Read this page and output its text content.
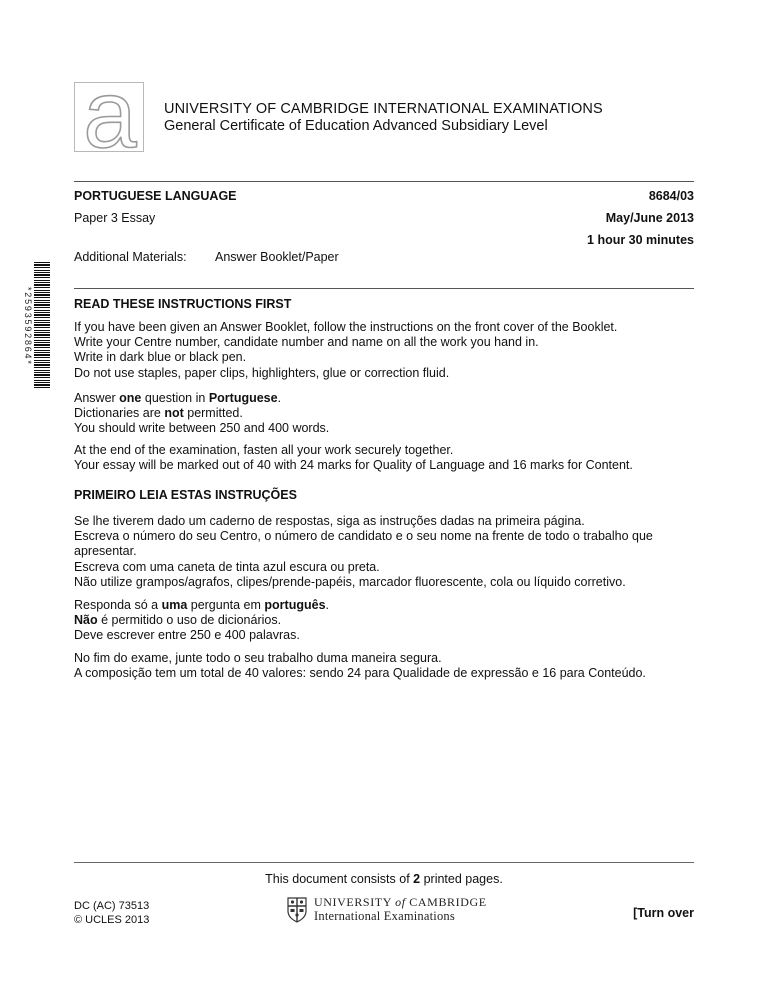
a	UNIVERSITY OF CAMBRIDGE INTERNATIONAL EXAMINATIONS
General Certificate of Education Advanced Subsidiary Level
PORTUGUESE LANGUAGE	8684/03
Paper 3 Essay	May/June 2013
1 hour 30 minutes
Additional Materials: Answer Booklet/Paper
*2593592864*	READ THESE INSTRUCTIONS FIRST
If you have been given an Answer Booklet, follow the instructions on the front cover of the Booklet.
Write your Centre number, candidate number and name on all the work you hand in.
Write in dark blue or black pen.
Do not use staples, paper clips, highlighters, glue or correction fluid.
Answer one question in Portuguese.
Dictionaries are not permitted.
You should write between 250 and 400 words.
At the end of the examination, fasten all your work securely together.
Your essay will be marked out of 40 with 24 marks for Quality of Language and 16 marks for Content.
PRIMEIRO LEIA ESTAS INSTRUÇÕES
Se lhe tiverem dado um caderno de respostas, siga as instruções dadas na primeira página.
Escreva o número do seu Centro, o número de candidato e o seu nome na frente de todo o trabalho que
apresentar.
Escreva com uma caneta de tinta azul escura ou preta.
Não utilize grampos/agrafos, clipes/prende-papéis, marcador fluorescente, cola ou líquido corretivo.
Responda só a uma pergunta em português.
Não é permitido o uso de dicionários.
Deve escrever entre 250 e 400 palavras.
No fim do exame, junte todo o seu trabalho duma maneira segura.
A composição tem um total de 40 valores: sendo 24 para Qualidade de expressão e 16 para Conteúdo.
This document consists of 2 printed pages.
DC (AC) 73513
© UCLES 2013
UNIVERSITY of CAMBRIDGE
International Examinations	[Turn over
